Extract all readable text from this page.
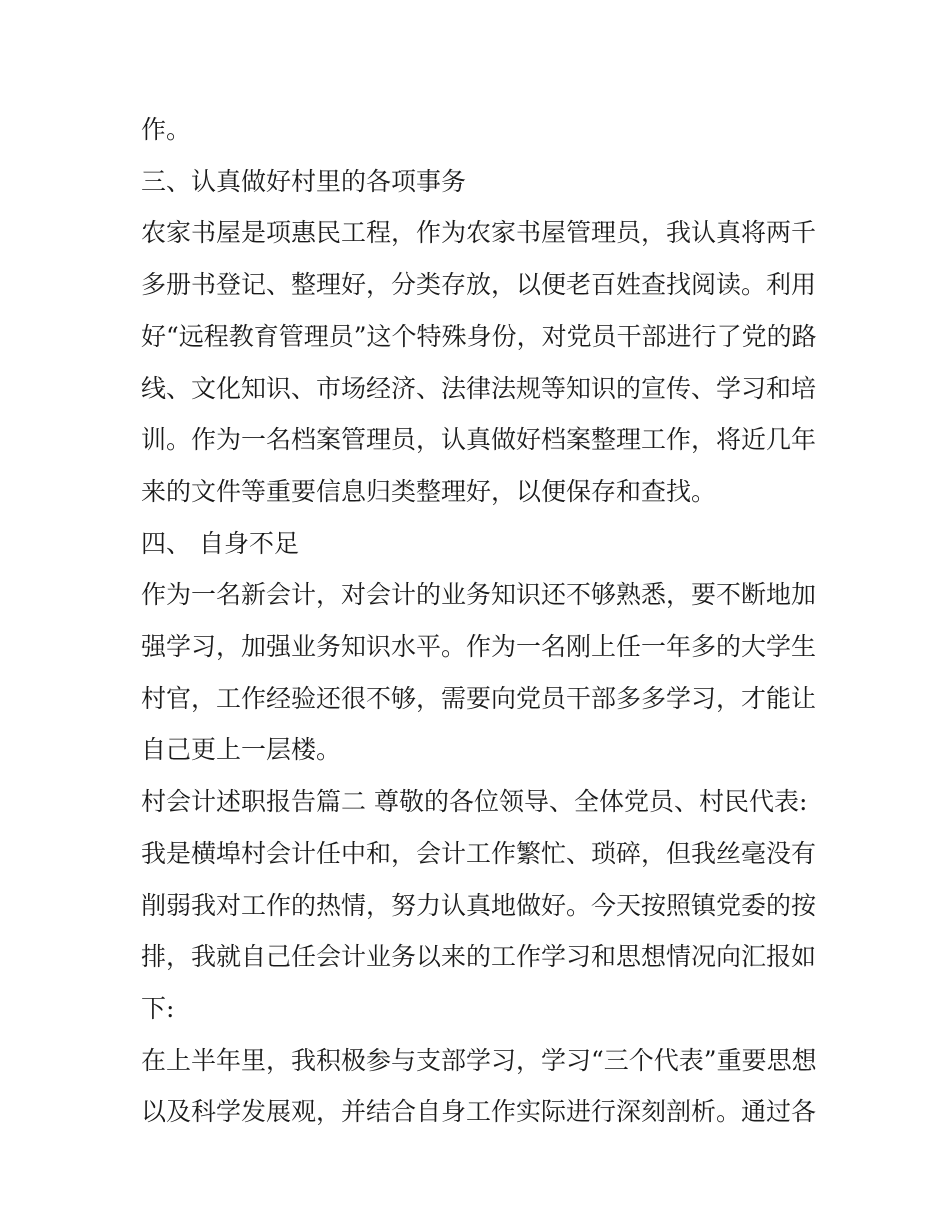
作。

三、认真做好村里的各项事务

农家书屋是项惠民工程，作为农家书屋管理员，我认真将两千

多册书登记、整理好，分类存放，以便老百姓查找阅读。利用

好“远程教育管理员”这个特殊身份，对党员干部进行了党的路

线、文化知识、市场经济、法律法规等知识的宣传、学习和培

训。作为一名档案管理员，认真做好档案整理工作，将近几年

来的文件等重要信息归类整理好，以便保存和查找。

四、 自身不足

作为一名新会计，对会计的业务知识还不够熟悉，要不断地加

强学习，加强业务知识水平。作为一名刚上任一年多的大学生

村官，工作经验还很不够，需要向党员干部多多学习，才能让

自己更上一层楼。

村会计述职报告篇二 尊敬的各位领导、全体党员、村民代表:

我是横埠村会计任中和，会计工作繁忙、琐碎，但我丝毫没有

削弱我对工作的热情，努力认真地做好。今天按照镇党委的按

排，我就自己任会计业务以来的工作学习和思想情况向汇报如

下:

在上半年里，我积极参与支部学习，学习“三个代表”重要思想

以及科学发展观，并结合自身工作实际进行深刻剖析。通过各
